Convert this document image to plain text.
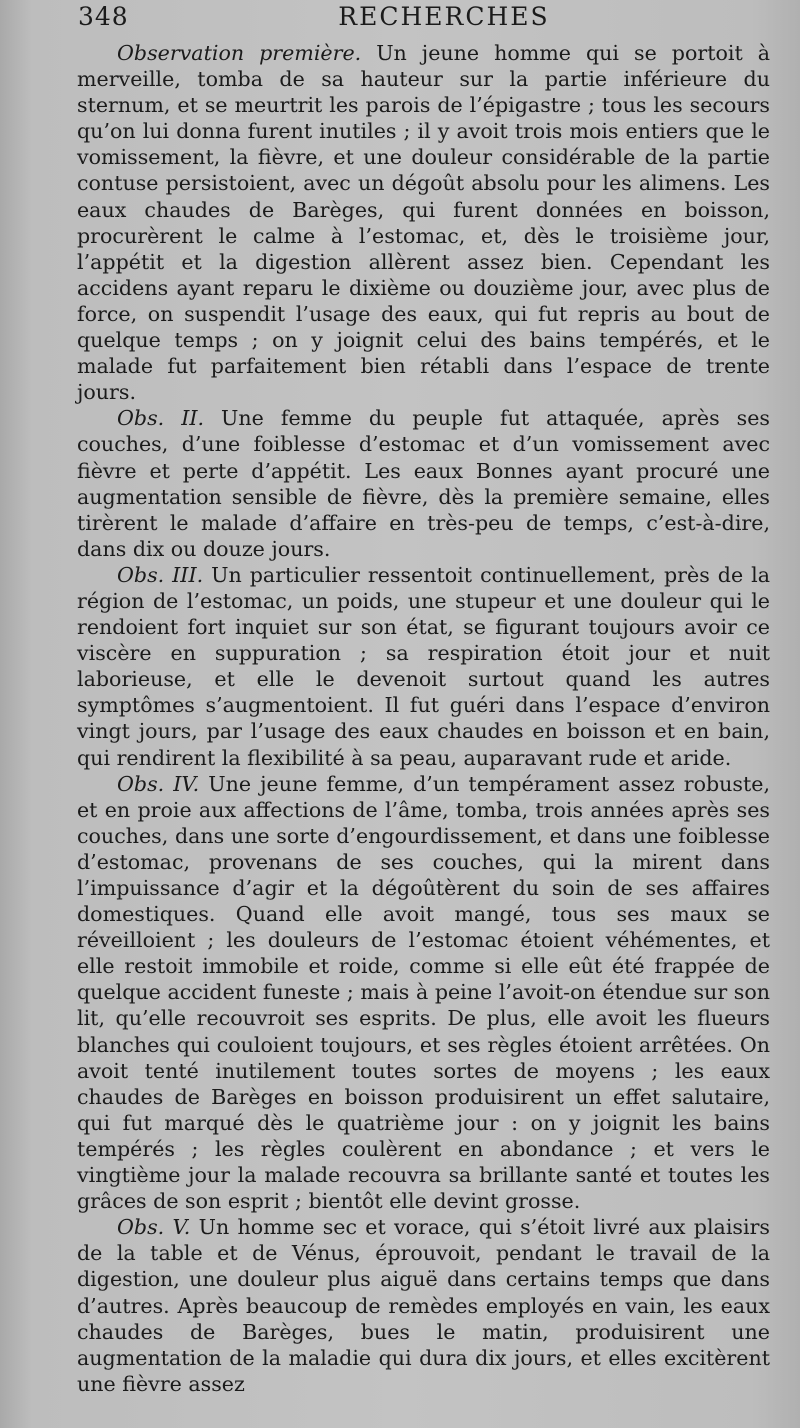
348	RECHERCHES

Observation première. Un jeune homme qui se portoit à merveille, tomba de sa hauteur sur la partie inférieure du sternum, et se meurtrit les parois de l’épigastre ; tous les secours qu’on lui donna furent inutiles ; il y avoit trois mois entiers que le vomissement, la fièvre, et une douleur considérable de la partie contuse persistoient, avec un dégoût absolu pour les alimens. Les eaux chaudes de Barèges, qui furent données en boisson, procurèrent le calme à l’estomac, et, dès le troisième jour, l’appétit et la digestion allèrent assez bien. Cependant les accidens ayant reparu le dixième ou douzième jour, avec plus de force, on suspendit l’usage des eaux, qui fut repris au bout de quelque temps ; on y joignit celui des bains tempérés, et le malade fut parfaitement bien rétabli dans l’espace de trente jours.

Obs. II. Une femme du peuple fut attaquée, après ses couches, d’une foiblesse d’estomac et d’un vomissement avec fièvre et perte d’appétit. Les eaux Bonnes ayant procuré une augmentation sensible de fièvre, dès la première semaine, elles tirèrent le malade d’affaire en très-peu de temps, c’est-à-dire, dans dix ou douze jours.

Obs. III. Un particulier ressentoit continuellement, près de la région de l’estomac, un poids, une stupeur et une douleur qui le rendoient fort inquiet sur son état, se figurant toujours avoir ce viscère en suppuration ; sa respiration étoit jour et nuit laborieuse, et elle le devenoit surtout quand les autres symptômes s’augmentoient. Il fut guéri dans l’espace d’environ vingt jours, par l’usage des eaux chaudes en boisson et en bain, qui rendirent la flexibilité à sa peau, auparavant rude et aride.

Obs. IV. Une jeune femme, d’un tempérament assez robuste, et en proie aux affections de l’âme, tomba, trois années après ses couches, dans une sorte d’engourdissement, et dans une foiblesse d’estomac, provenans de ses couches, qui la mirent dans l’impuissance d’agir et la dégoûtèrent du soin de ses affaires domestiques. Quand elle avoit mangé, tous ses maux se réveilloient ; les douleurs de l’estomac étoient véhémentes, et elle restoit immobile et roide, comme si elle eût été frappée de quelque accident funeste ; mais à peine l’avoit-on étendue sur son lit, qu’elle recouvroit ses esprits. De plus, elle avoit les flueurs blanches qui couloient toujours, et ses règles étoient arrêtées. On avoit tenté inutilement toutes sortes de moyens ; les eaux chaudes de Barèges en boisson produisirent un effet salutaire, qui fut marqué dès le quatrième jour : on y joignit les bains tempérés ; les règles coulèrent en abondance ; et vers le vingtième jour la malade recouvra sa brillante santé et toutes les grâces de son esprit ; bientôt elle devint grosse.

Obs. V. Un homme sec et vorace, qui s’étoit livré aux plaisirs de la table et de Vénus, éprouvoit, pendant le travail de la digestion, une douleur plus aiguë dans certains temps que dans d’autres. Après beaucoup de remèdes employés en vain, les eaux chaudes de Barèges, bues le matin, produisirent une augmentation de la maladie qui dura dix jours, et elles excitèrent une fièvre assez
